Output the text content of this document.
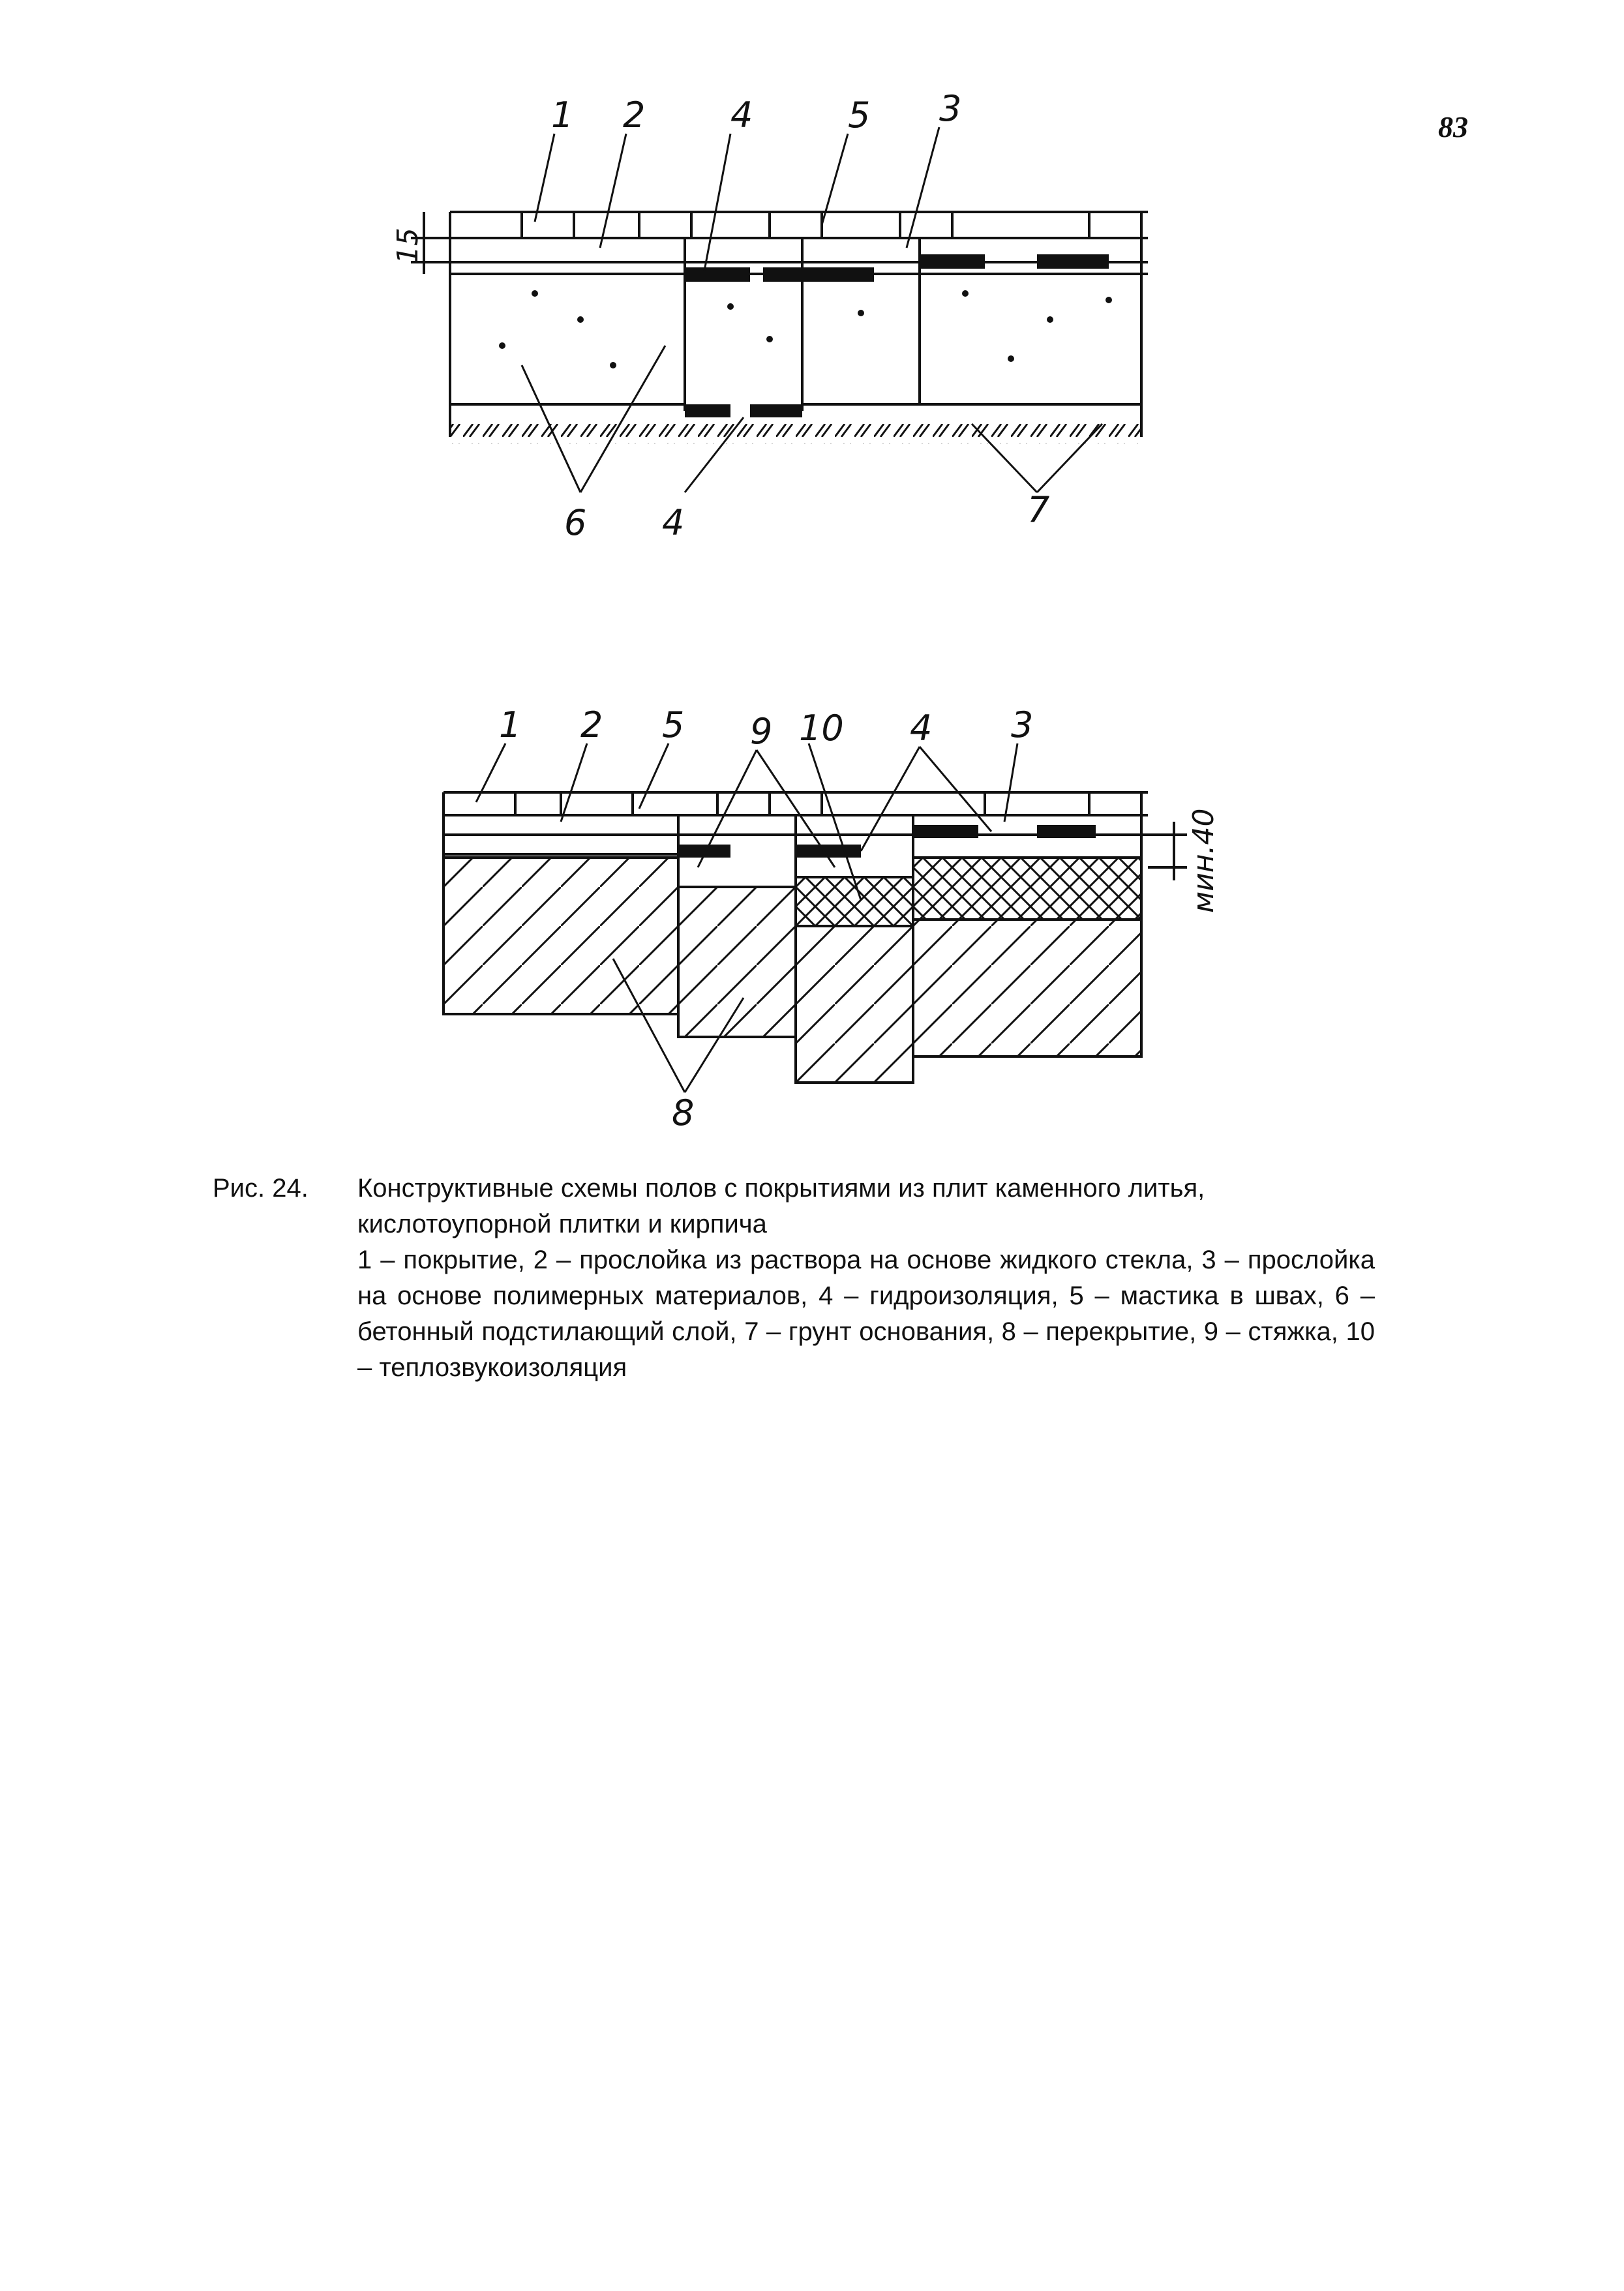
83
15
1 2 4	5 3
6 4	7
мин.40
1 2 5 9 10 4 3
8
Рис. 24.	Конструктивные схемы полов с покрытиями из плит каменного литья, кислотоупорной плитки и кирпича
1 – покрытие, 2 – прослойка из раствора на основе жидкого стекла, 3 – прослойка на основе полимерных материалов, 4 – гидроизоляция, 5 – мастика в швах, 6 – бетонный подстилающий слой, 7 – грунт основания, 8 – перекрытие, 9 – стяжка, 10 – теплозвукоизоляция
